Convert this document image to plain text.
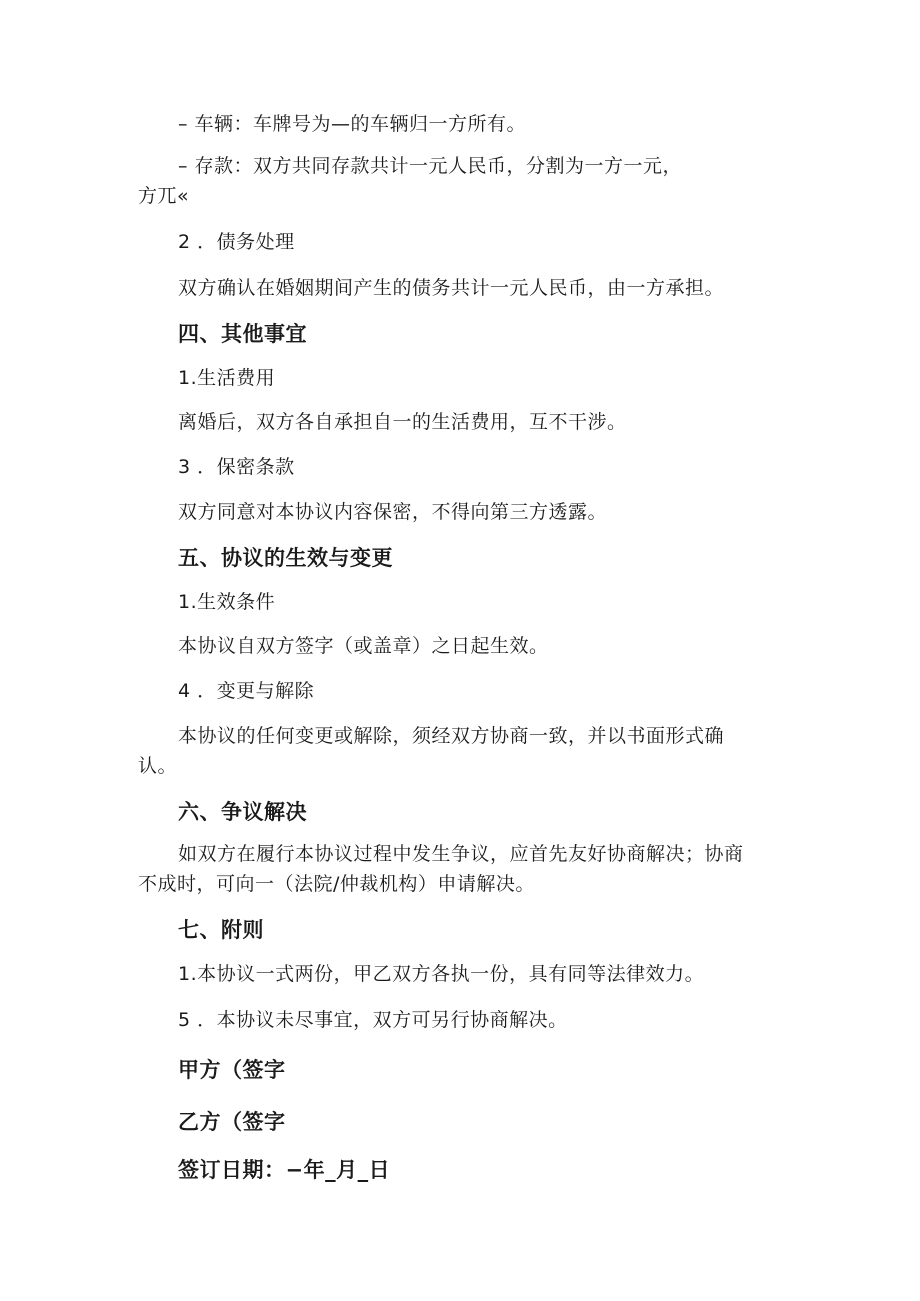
– 车辆：车牌号为—的车辆归一方所有。

– 存款：双方共同存款共计一元人民币，分割为一方一元，

方兀«

2 ．债务处理

双方确认在婚姻期间产生的债务共计一元人民币，由一方承担。

四、其他事宜

1.生活费用

离婚后，双方各自承担自一的生活费用，互不干涉。

3 ．保密条款

双方同意对本协议内容保密，不得向第三方透露。

五、协议的生效与变更

1.生效条件

本协议自双方签字（或盖章）之日起生效。

4 ．变更与解除

本协议的任何变更或解除，须经双方协商一致，并以书面形式确

认。

六、争议解决

如双方在履行本协议过程中发生争议，应首先友好协商解决；协商

不成时，可向一（法院/仲裁机构）申请解决。

七、附则

1.本协议一式两份，甲乙双方各执一份，具有同等法律效力。

5 ．本协议未尽事宜，双方可另行协商解决。

甲方（签字

乙方（签字

签订日期：−年_月_日
